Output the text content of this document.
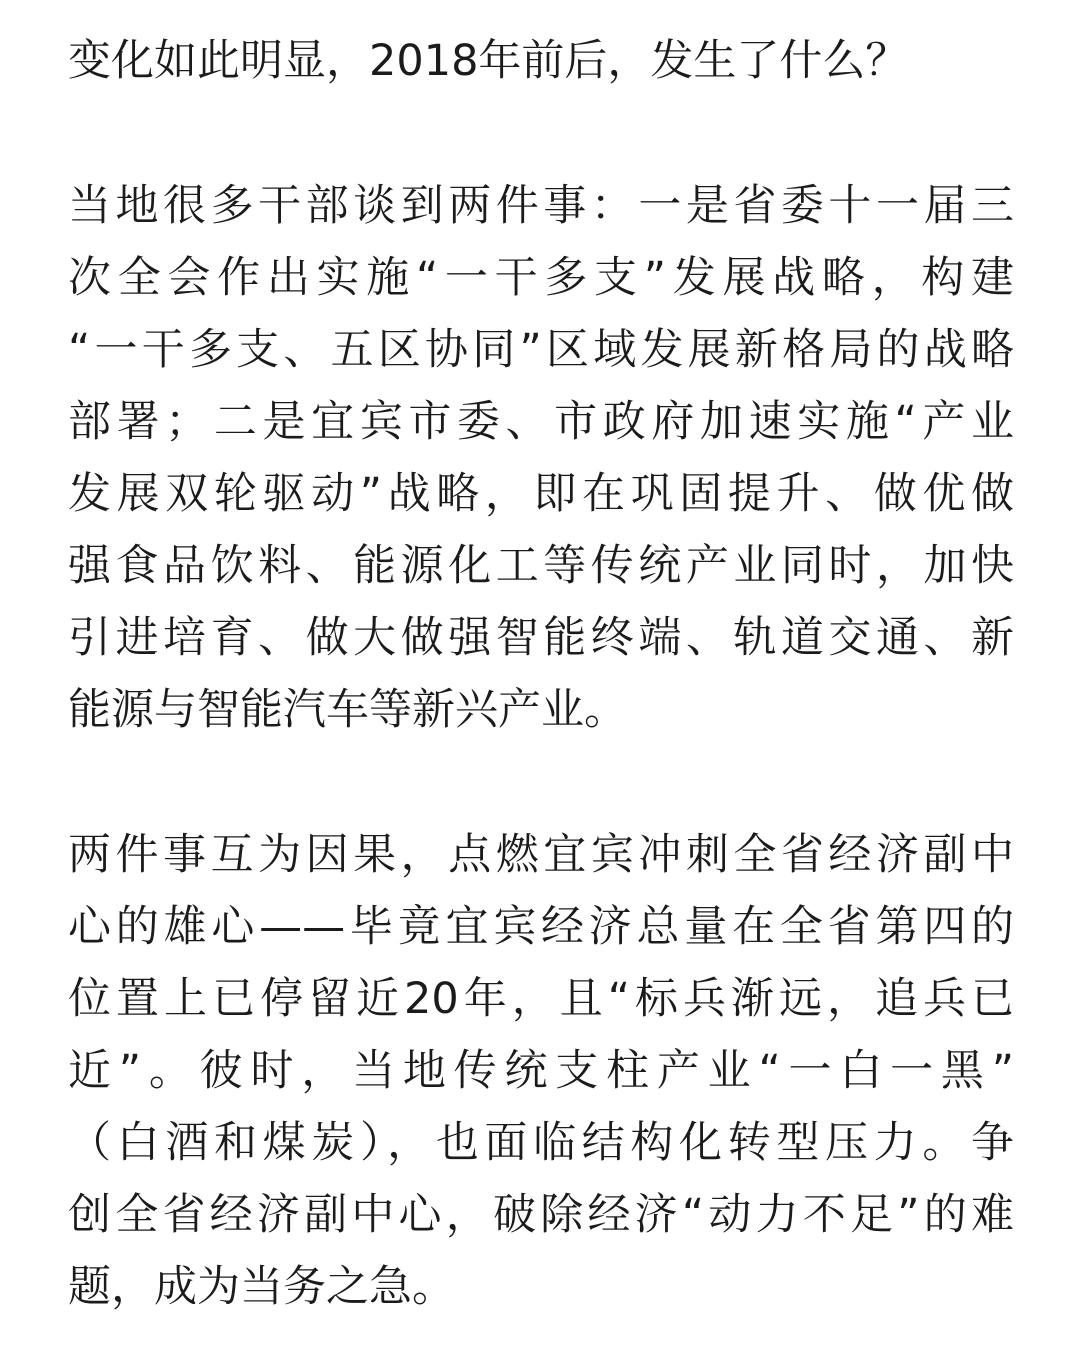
变化如此明显，2018年前后，发生了什么？
当地很多干部谈到两件事：一是省委十一届三
次全会作出实施“一干多支”发展战略，构建
“一干多支、五区协同”区域发展新格局的战略
部署；二是宜宾市委、市政府加速实施“产业
发展双轮驱动”战略，即在巩固提升、做优做
强食品饮料、能源化工等传统产业同时，加快
引进培育、做大做强智能终端、轨道交通、新
能源与智能汽车等新兴产业。
两件事互为因果，点燃宜宾冲刺全省经济副中
心的雄心——毕竟宜宾经济总量在全省第四的
位置上已停留近20年，且“标兵渐远，追兵已
近”。彼时，当地传统支柱产业“一白一黑”
（白酒和煤炭），也面临结构化转型压力。争
创全省经济副中心，破除经济“动力不足”的难
题，成为当务之急。
